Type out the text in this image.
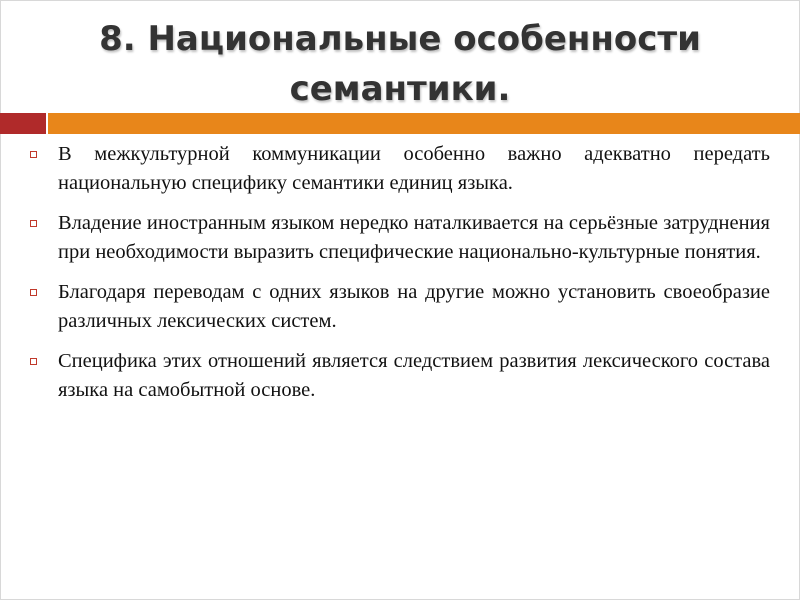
8. Национальные особенности семантики.
В межкультурной коммуникации особенно важно адекватно передать национальную специфику семантики единиц языка.
Владение иностранным языком нередко наталкивается на серьёзные затруднения при необходимости выразить специфические национально-культурные понятия.
Благодаря переводам с одних языков на другие можно установить своеобразие различных лексических систем.
Специфика этих отношений является следствием развития лексического состава языка на самобытной основе.
